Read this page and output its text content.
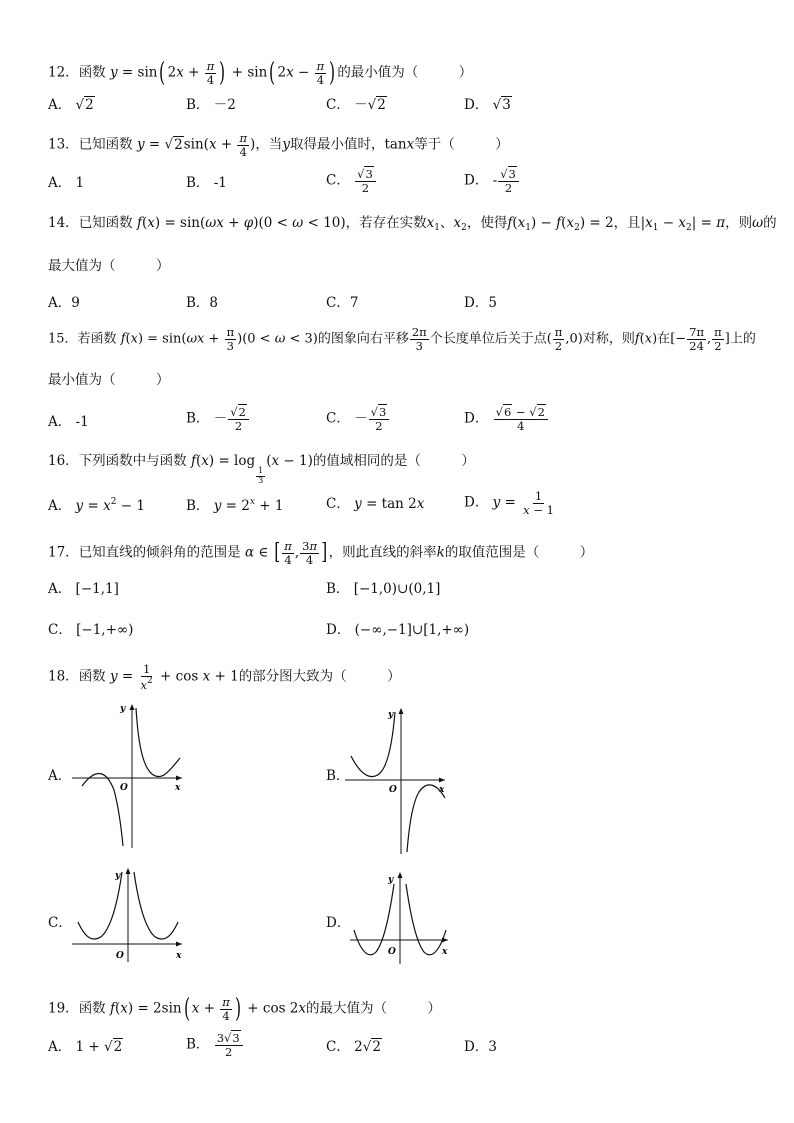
12．函数 y = sin( $2x + \frac{\pi}{4}$ ) + sin( $2x - \frac{\pi}{4}$ ) 的最小值为（　　　）
A． √2	B． －2	C． －√2	D． √3
13．已知函数 $y = √2\sin(x + \frac{\pi}{4}$ )，当y取得最小值时，tanx等于（　　　）
A． 1	B． -1	C． $\frac{√3}{2}$	D． - $\frac{√3}{2}$
14．已知函数 f(x) = sin(ωx + φ)(0 < ω < 10)，若存在实数$x_1$、$x_2$，使得$f(x_1) - f(x_2) = 2$，且$|x_1 - x_2| = \pi$，则ω的
最大值为（　　　）
A．9	B．8	C．7	D．5
15．若函数 $f(x) = \sin(\omega x + \frac{\pi}{3} )(0 < \omega < 3)$的图象向右平移 $\frac{2\pi}{3}$ 个长度单位后关于点( $\frac{\pi}{2} ,0$)对称，则f(x)在[− $\frac{7\pi}{24}$ , $\frac{\pi}{2}$ ]上的
最小值为（　　　）
A． -1	B． － $\frac{√2}{2}$	C． － $\frac{√3}{2}$	D． $\frac{√6 - √2}{4}$
16．下列函数中与函数 f(x) = log
$\frac{1}{3}$
(x − 1)的值域相同的是（　　　）
A． $y = x^2 - 1$	B． $y = 2^x + 1$	C． y = tan 2x	D． $y = \frac{1}{x - 1}$
17．已知直线的倾斜角的范围是 α ∈ [ $\frac{\pi}{4}$ , $\frac{3\pi}{4}$ ]，则此直线的斜率k的取值范围是（　　　）
A． [−1,1]	B． [−1,0)∪(0,1]
C． [−1,+∞)	D． (−∞,−1]∪[1,+∞)
18．函数 $y = \frac{1}{x^2} + \cos x + 1$的部分图大致为（　　　）
A．
y
x
O
B．
y
x
O
C．
y
x
O
D．
y
x
O
19．函数 f(x) = 2sin( $x + \frac{\pi}{4}$ ) + cos 2x的最大值为（　　　）
A． 1 + √2	B． $\frac{3√3}{2}$	C． 2√2	D．3
